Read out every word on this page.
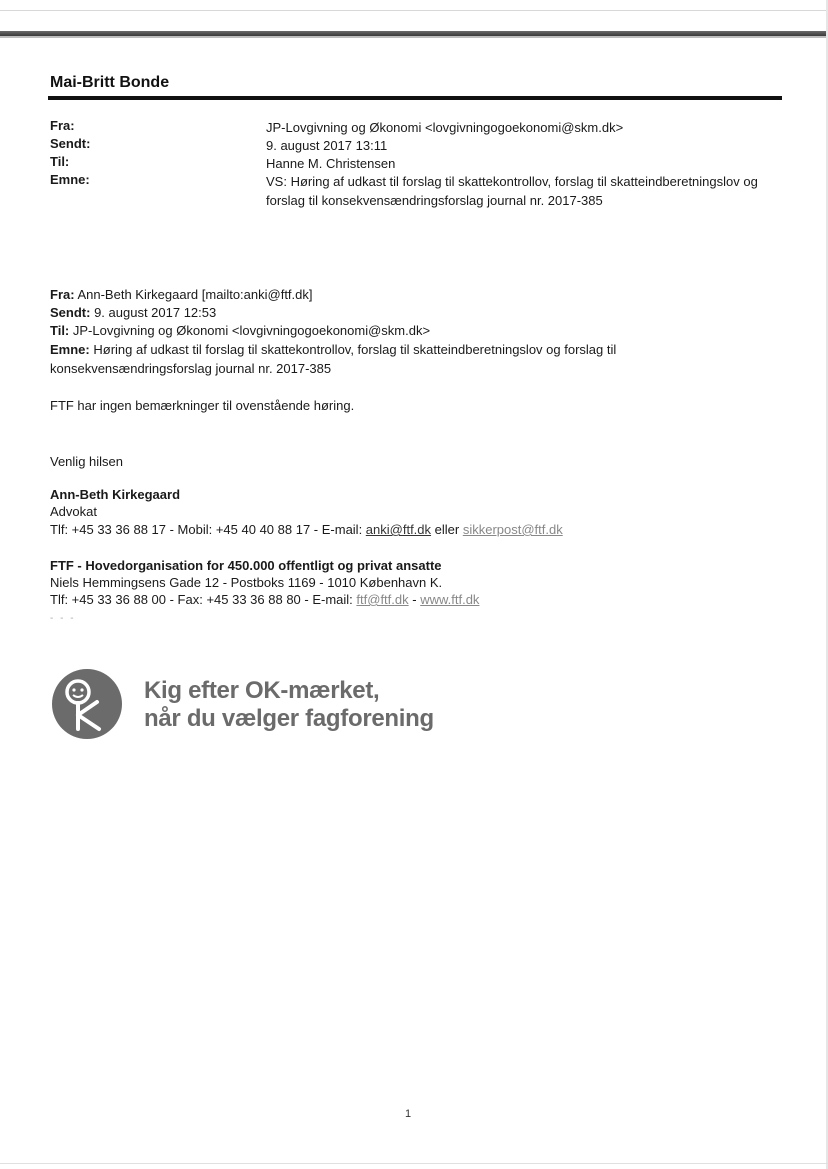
Mai-Britt Bonde
Fra:	JP-Lovgivning og Økonomi <lovgivningogoekonomi@skm.dk>
Sendt:	9. august 2017 13:11
Til:	Hanne M. Christensen
Emne:	VS: Høring af udkast til forslag til skattekontrollov, forslag til skatteindberetningslov og forslag til konsekvensændringsforslag journal nr. 2017-385
Fra: Ann-Beth Kirkegaard [mailto:anki@ftf.dk]
Sendt: 9. august 2017 12:53
Til: JP-Lovgivning og Økonomi <lovgivningogoekonomi@skm.dk>
Emne: Høring af udkast til forslag til skattekontrollov, forslag til skatteindberetningslov og forslag til konsekvensændringsforslag journal nr. 2017-385
FTF har ingen bemærkninger til ovenstående høring.
Venlig hilsen
Ann-Beth Kirkegaard
Advokat
Tlf: +45 33 36 88 17 - Mobil: +45 40 40 88 17 - E-mail: anki@ftf.dk eller sikkerpost@ftf.dk
FTF - Hovedorganisation for 450.000 offentligt og privat ansatte
Niels Hemmingsens Gade 12 - Postboks 1169 - 1010 København K.
Tlf: +45 33 36 88 00 - Fax: +45 33 36 88 80 - E-mail: ftf@ftf.dk - www.ftf.dk
- - -
Kig efter OK-mærket,
når du vælger fagforening
1
